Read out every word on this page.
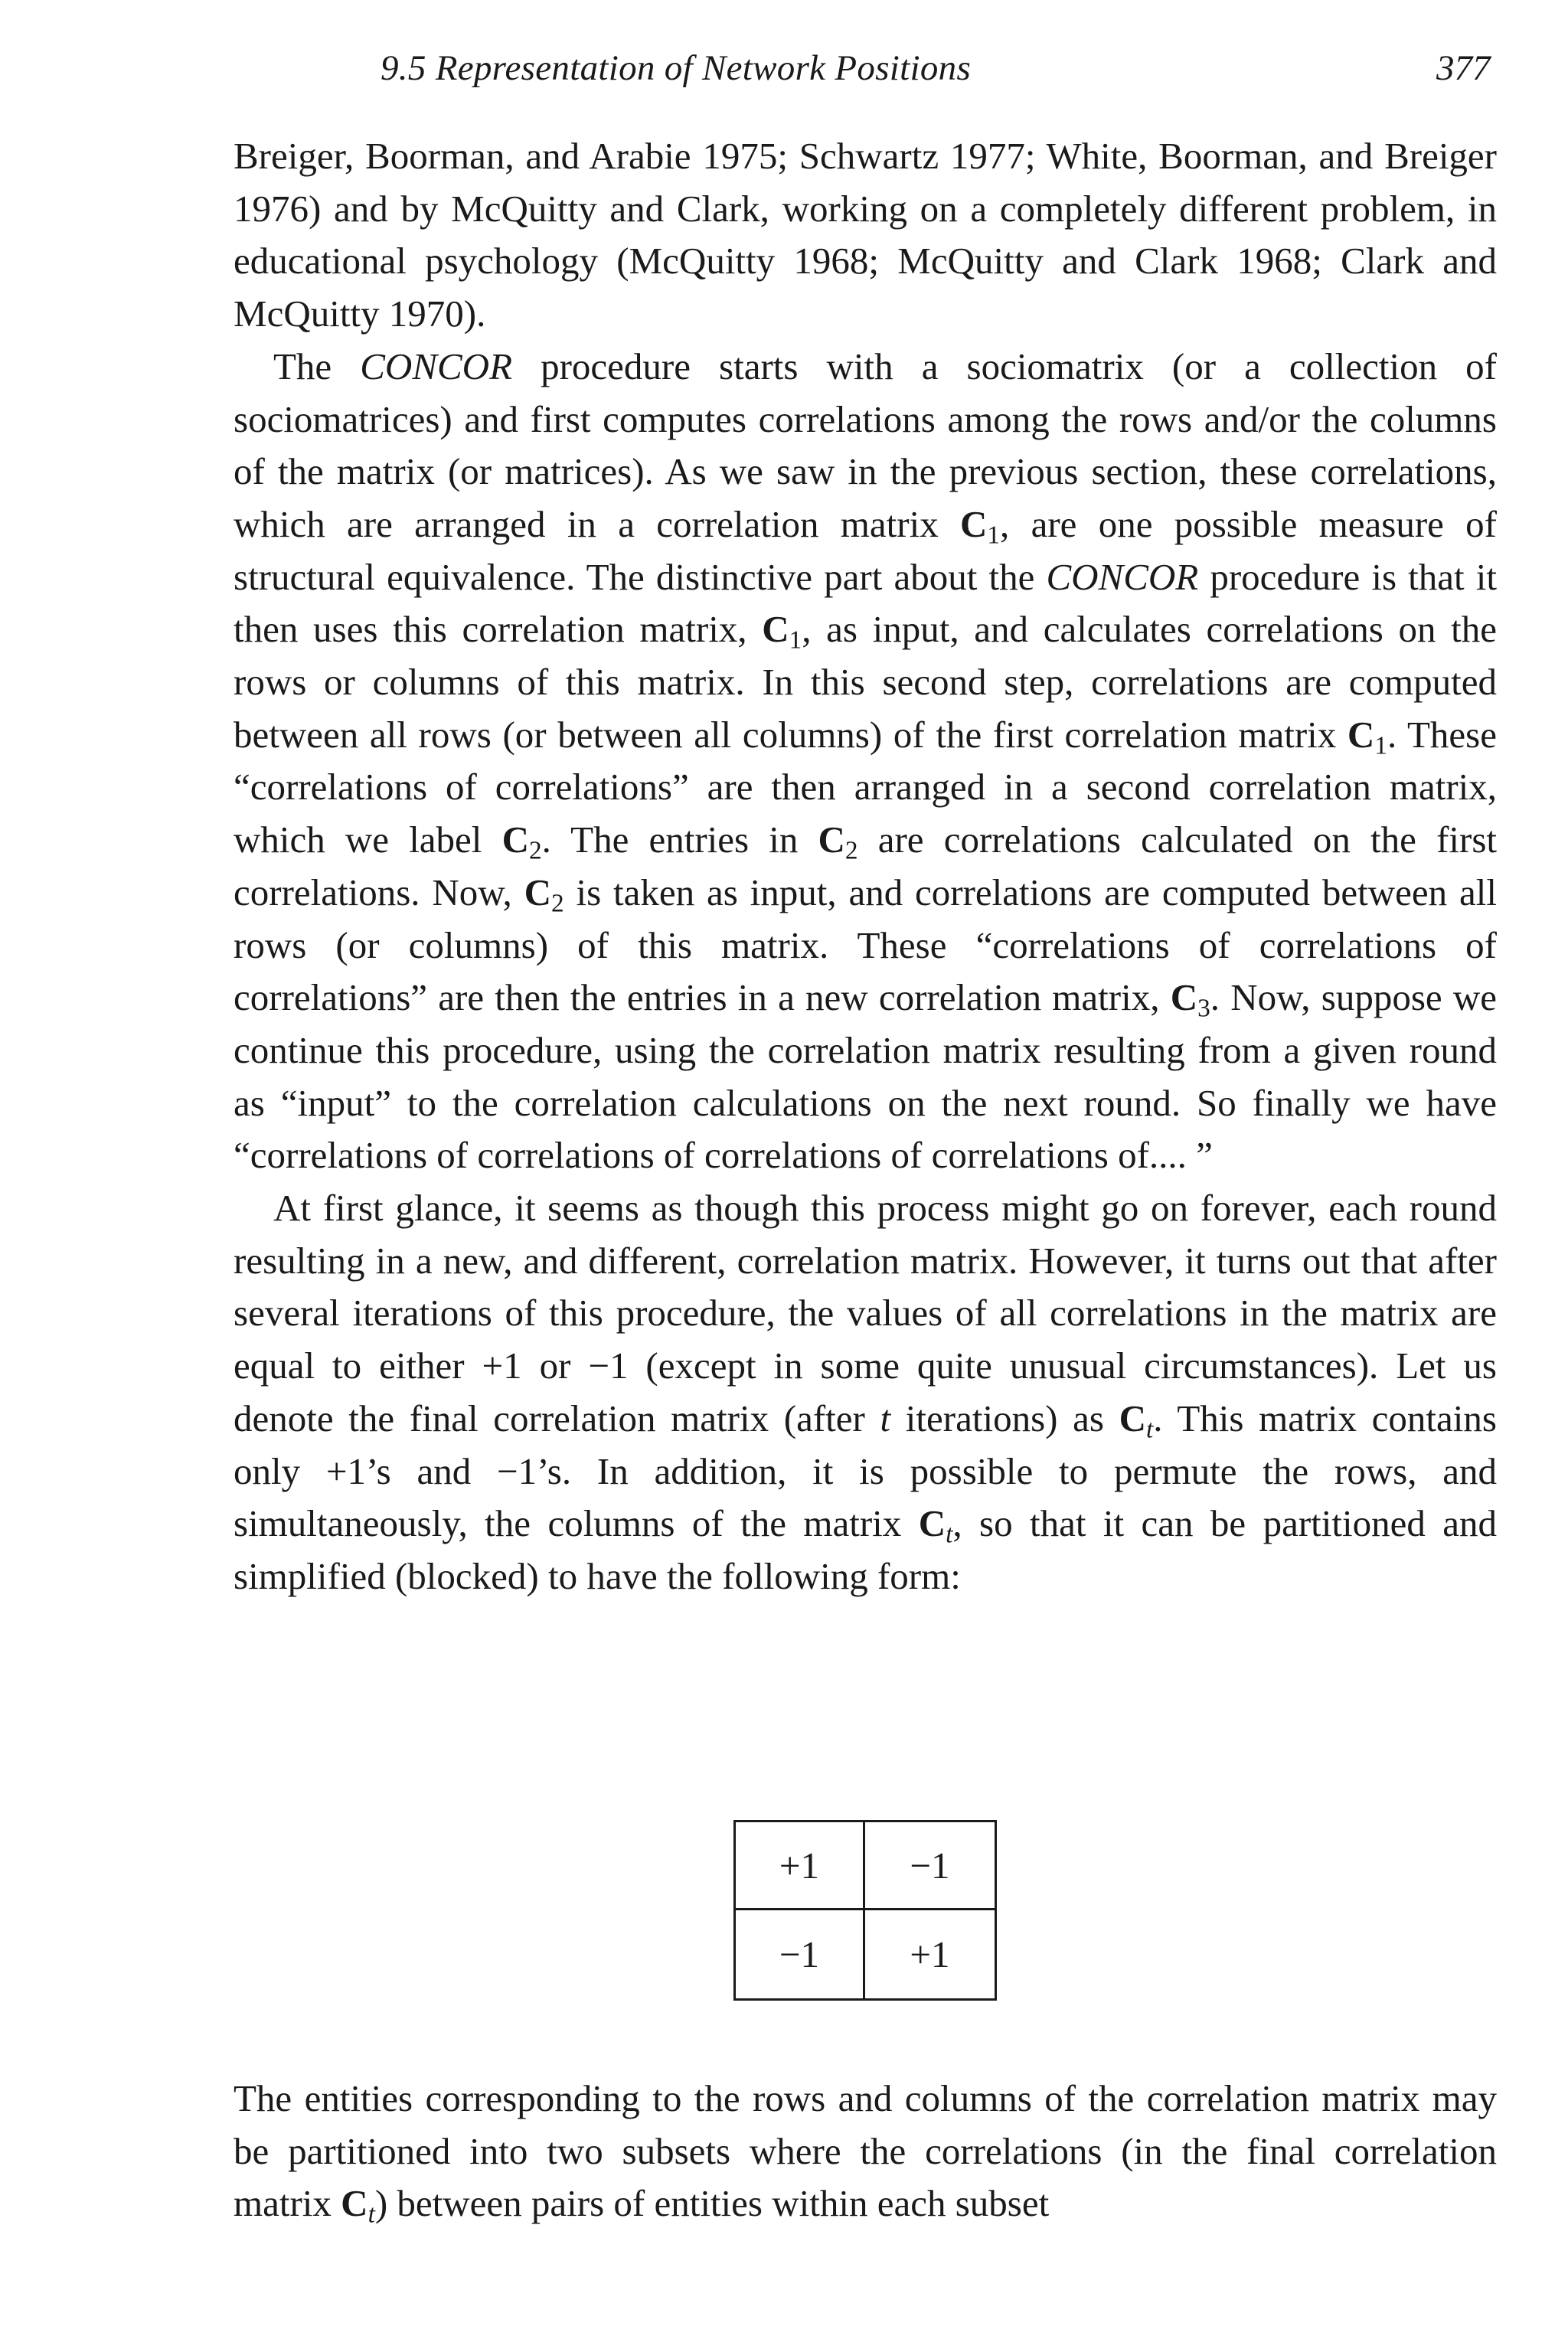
9.5 Representation of Network Positions	377

Breiger, Boorman, and Arabie 1975; Schwartz 1977; White, Boorman, and Breiger 1976) and by McQuitty and Clark, working on a completely different problem, in educational psychology (McQuitty 1968; McQuitty and Clark 1968; Clark and McQuitty 1970).

The CONCOR procedure starts with a sociomatrix (or a collection of sociomatrices) and first computes correlations among the rows and/or the columns of the matrix (or matrices). As we saw in the previous section, these correlations, which are arranged in a correlation matrix $C_1$, are one possible measure of structural equivalence. The distinctive part about the CONCOR procedure is that it then uses this correlation matrix, $C_1$, as input, and calculates correlations on the rows or columns of this matrix. In this second step, correlations are computed between all rows (or between all columns) of the first correlation matrix $C_1$. These “correlations of correlations” are then arranged in a second correlation matrix, which we label $C_2$. The entries in $C_2$ are correlations calculated on the first correlations. Now, $C_2$ is taken as input, and correlations are computed between all rows (or columns) of this matrix. These “correlations of correlations of correlations” are then the entries in a new correlation matrix, $C_3$. Now, suppose we continue this procedure, using the correlation matrix resulting from a given round as “input” to the correlation calculations on the next round. So finally we have “correlations of correlations of correlations of correlations of.... ”

At first glance, it seems as though this process might go on forever, each round resulting in a new, and different, correlation matrix. However, it turns out that after several iterations of this procedure, the values of all correlations in the matrix are equal to either +1 or −1 (except in some quite unusual circumstances). Let us denote the final correlation matrix (after t iterations) as $C_t$. This matrix contains only +1’s and −1’s. In addition, it is possible to permute the rows, and simultaneously, the columns of the matrix $C_t$, so that it can be partitioned and simplified (blocked) to have the following form:

+1	−1
−1	+1

The entities corresponding to the rows and columns of the correlation matrix may be partitioned into two subsets where the correlations (in the final correlation matrix $C_t$) between pairs of entities within each subset
